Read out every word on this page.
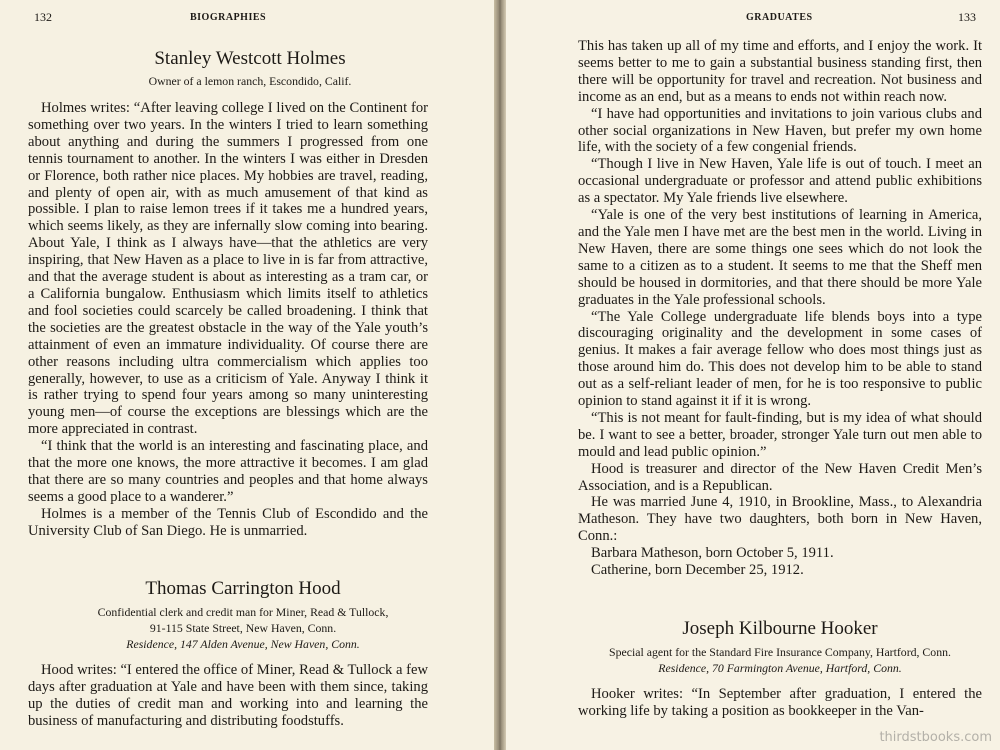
132	BIOGRAPHIES

Stanley Westcott Holmes

Owner of a lemon ranch, Escondido, Calif.

Holmes writes: “After leaving college I lived on the Continent for something over two years. In the winters I tried to learn something about anything and during the summers I progressed from one tennis tournament to another. In the winters I was either in Dresden or Florence, both rather nice places. My hobbies are travel, reading, and plenty of open air, with as much amusement of that kind as possible. I plan to raise lemon trees if it takes me a hundred years, which seems likely, as they are infernally slow coming into bearing. About Yale, I think as I always have—that the athletics are very inspiring, that New Haven as a place to live in is far from attractive, and that the average student is about as interesting as a tram car, or a California bungalow. Enthusiasm which limits itself to athletics and fool societies could scarcely be called broadening. I think that the societies are the greatest obstacle in the way of the Yale youth’s attainment of even an immature individuality. Of course there are other reasons including ultra commercialism which applies too generally, however, to use as a criticism of Yale. Anyway I think it is rather trying to spend four years among so many uninteresting young men—of course the exceptions are blessings which are the more appreciated in contrast.

“I think that the world is an interesting and fascinating place, and that the more one knows, the more attractive it becomes. I am glad that there are so many countries and peoples and that home always seems a good place to a wanderer.”

Holmes is a member of the Tennis Club of Escondido and the University Club of San Diego. He is unmarried.

Thomas Carrington Hood

Confidential clerk and credit man for Miner, Read & Tullock,

91-115 State Street, New Haven, Conn.

Residence, 147 Alden Avenue, New Haven, Conn.

Hood writes: “I entered the office of Miner, Read & Tullock a few days after graduation at Yale and have been with them since, taking up the duties of credit man and working into and learning the business of manufacturing and distributing foodstuffs.

GRADUATES	133

This has taken up all of my time and efforts, and I enjoy the work. It seems better to me to gain a substantial business standing first, then there will be opportunity for travel and recreation. Not business and income as an end, but as a means to ends not within reach now.

“I have had opportunities and invitations to join various clubs and other social organizations in New Haven, but prefer my own home life, with the society of a few congenial friends.

“Though I live in New Haven, Yale life is out of touch. I meet an occasional undergraduate or professor and attend public exhibitions as a spectator. My Yale friends live elsewhere.

“Yale is one of the very best institutions of learning in America, and the Yale men I have met are the best men in the world. Living in New Haven, there are some things one sees which do not look the same to a citizen as to a student. It seems to me that the Sheff men should be housed in dormitories, and that there should be more Yale graduates in the Yale professional schools.

“The Yale College undergraduate life blends boys into a type discouraging originality and the development in some cases of genius. It makes a fair average fellow who does most things just as those around him do. This does not develop him to be able to stand out as a self-reliant leader of men, for he is too responsive to public opinion to stand against it if it is wrong.

“This is not meant for fault-finding, but is my idea of what should be. I want to see a better, broader, stronger Yale turn out men able to mould and lead public opinion.”

Hood is treasurer and director of the New Haven Credit Men’s Association, and is a Republican.

He was married June 4, 1910, in Brookline, Mass., to Alexandria Matheson. They have two daughters, both born in New Haven, Conn.:

Barbara Matheson, born October 5, 1911.

Catherine, born December 25, 1912.

Joseph Kilbourne Hooker

Special agent for the Standard Fire Insurance Company, Hartford, Conn.

Residence, 70 Farmington Avenue, Hartford, Conn.

Hooker writes: “In September after graduation, I entered the working life by taking a position as bookkeeper in the Van-

thirdstbooks.com
